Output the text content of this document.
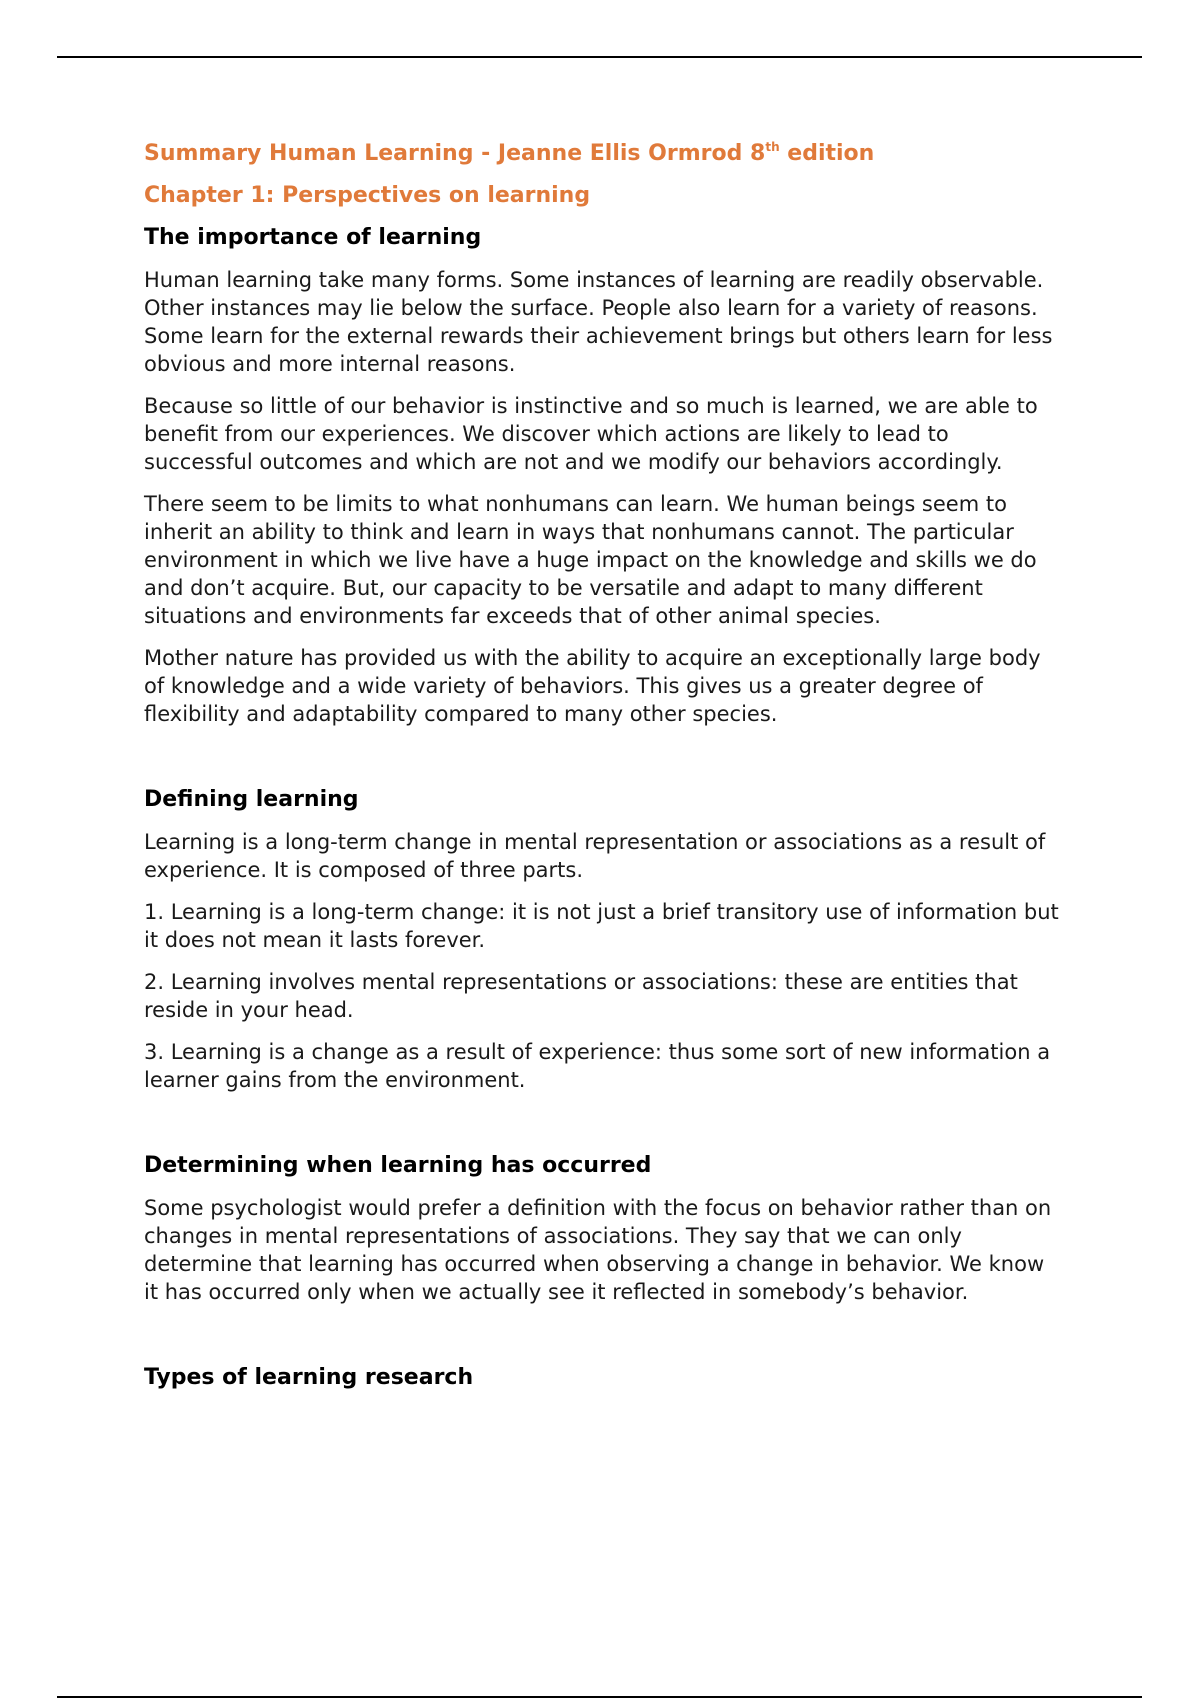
Summary Human Learning - Jeanne Ellis Ormrod 8th edition
Chapter 1: Perspectives on learning
The importance of learning

Human learning take many forms. Some instances of learning are readily observable. Other instances may lie below the surface. People also learn for a variety of reasons. Some learn for the external rewards their achievement brings but others learn for less obvious and more internal reasons.

Because so little of our behavior is instinctive and so much is learned, we are able to benefit from our experiences. We discover which actions are likely to lead to successful outcomes and which are not and we modify our behaviors accordingly.

There seem to be limits to what nonhumans can learn. We human beings seem to inherit an ability to think and learn in ways that nonhumans cannot. The particular environment in which we live have a huge impact on the knowledge and skills we do and don’t acquire. But, our capacity to be versatile and adapt to many different situations and environments far exceeds that of other animal species.

Mother nature has provided us with the ability to acquire an exceptionally large body of knowledge and a wide variety of behaviors. This gives us a greater degree of flexibility and adaptability compared to many other species.

Defining learning

Learning is a long-term change in mental representation or associations as a result of experience. It is composed of three parts.

1. Learning is a long-term change: it is not just a brief transitory use of information but it does not mean it lasts forever.

2. Learning involves mental representations or associations: these are entities that reside in your head.

3. Learning is a change as a result of experience: thus some sort of new information a learner gains from the environment.

Determining when learning has occurred

Some psychologist would prefer a definition with the focus on behavior rather than on changes in mental representations of associations. They say that we can only determine that learning has occurred when observing a change in behavior. We know it has occurred only when we actually see it reflected in somebody’s behavior.

Types of learning research
